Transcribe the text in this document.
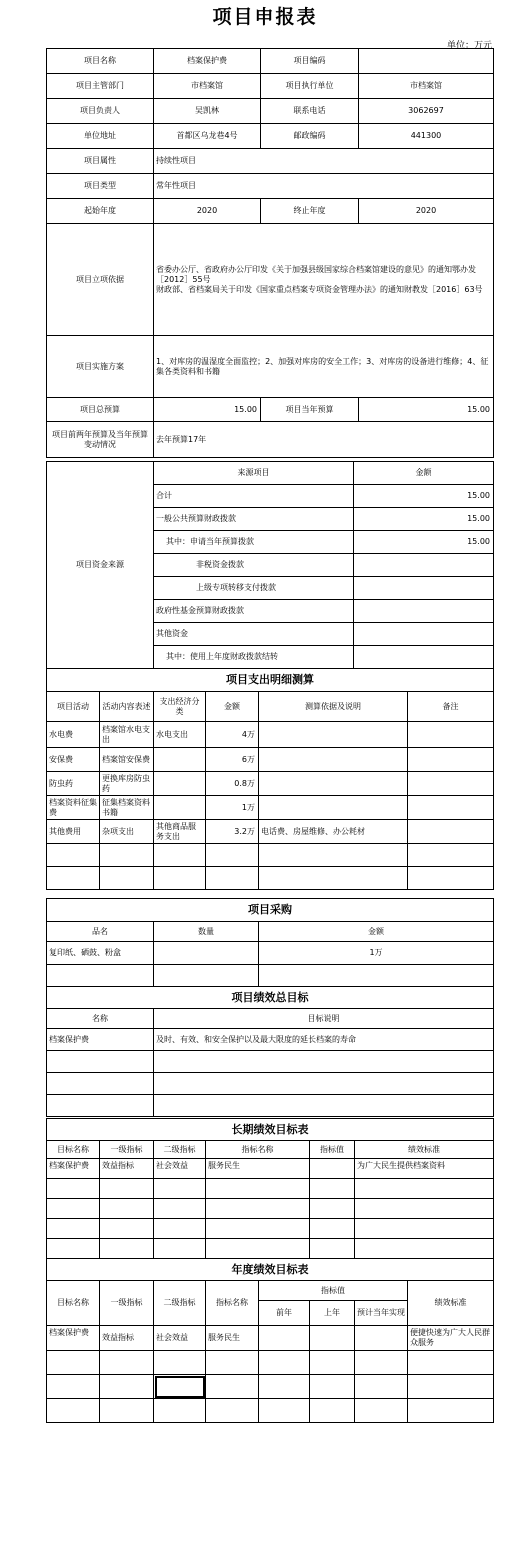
项目申报表
单位：万元
项目名称	档案保护费	项目编码	
项目主管部门	市档案馆	项目执行单位	市档案馆
项目负责人	吴凯林	联系电话	3062697
单位地址	首都区乌龙巷4号	邮政编码	441300
项目属性	持续性项目		
项目类型	常年性项目		
起始年度	2020	终止年度	2020
项目立项依据	省委办公厅、省政府办公厅印发《关于加强县级国家综合档案馆建设的意见》的通知鄂办发［2012］55号
财政部、省档案局关于印发《国家重点档案专项资金管理办法》的通知财教发［2016］63号		

项目实施方案	1、对库房的温湿度全面监控；2、加强对库房的安全工作；3、对库房的设备进行维修；4、征集各类资料和书籍		
项目总预算	15.00	项目当年预算	15.00
项目前两年预算及当年预算变动情况	去年预算17年		
项目资金来源	来源项目	金额
	合计	15.00
	一般公共预算财政拨款	15.00
	其中：申请当年预算拨款	15.00
	非税资金拨款	
	上级专项转移支付拨款	
	政府性基金预算财政拨款	
	其他资金	
	其中：使用上年度财政拨款结转	
项目支出明细测算					
项目活动	活动内容表述	支出经济分类	金额	测算依据及说明	备注
水电费	档案馆水电支出	水电支出	4万		
安保费	档案馆安保费		6万		
防虫药	更换库房防虫药		0.8万		
档案资料征集费	征集档案资料书籍		1万		
其他费用	杂项支出	其他商品服务支出	3.2万	电话费、房屋维修、办公耗材	

项目采购		
品名	数量	金额
复印纸、硒鼓、粉盒		1万

项目绩效总目标	
名称	目标说明
档案保护费	及时、有效、和安全保护以及最大限度的延长档案的寿命

长期绩效目标表					
目标名称	一级指标	二级指标	指标名称	指标值	绩效标准
档案保护费	效益指标	社会效益	服务民生		为广大民生提供档案资料

年度绩效目标表							
目标名称	一级指标	二级指标	指标名称	指标值			绩效标准
				前年	上年	预计当年实现	
档案保护费	效益指标	社会效益	服务民生				便捷快速为广大人民群众服务
